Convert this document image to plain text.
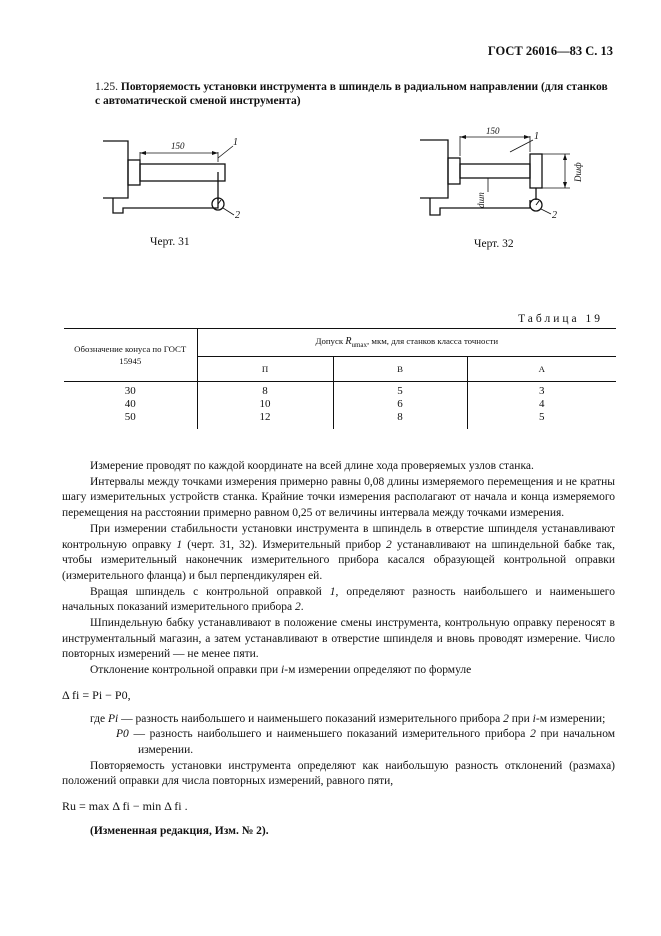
ГОСТ 26016—83 С. 13
1.25. Повторяемость установки инструмента в шпиндель в радиальном направлении (для станков
с автоматической сменой инструмента)
150	1
2
Черт. 31
150	1
2
dшп
Dшф
Черт. 32
Таблица 19
Обозначение конуса по ГОСТ 15945	Допуск $R_{umax}$, мкм, для станков класса точности		
	П	В	А
30	8	5	3
40	10	6	4
50	12	8	5

Измерение проводят по каждой координате на всей длине хода проверяемых узлов станка.

Интервалы между точками измерения примерно равны 0,08 длины измеряемого перемещения и не кратны шагу измерительных устройств станка. Крайние точки измерения располагают от начала и конца измеряемого перемещения на расстоянии примерно равном 0,25 от величины интервала между точками измерения.

При измерении стабильности установки инструмента в шпиндель в отверстие шпинделя устанавливают контрольную оправку 1 (черт. 31, 32). Измерительный прибор 2 устанавливают на шпиндельной бабке так, чтобы измерительный наконечник измерительного прибора касался образующей контрольной оправки (измерительного фланца) и был перпендикулярен ей.

Вращая шпиндель с контрольной оправкой 1, определяют разность наибольшего и наименьшего начальных показаний измерительного прибора 2.

Шпиндельную бабку устанавливают в положение смены инструмента, контрольную оправку переносят в инструментальный магазин, а затем устанавливают в отверстие шпинделя и вновь проводят измерение. Число повторных измерений — не менее пяти.

Отклонение контрольной оправки при i-м измерении определяют по формуле

Δ fi = Pi − P0,

где Pi — разность наибольшего и наименьшего показаний измерительного прибора 2 при i-м измерении;

P0 — разность наибольшего и наименьшего показаний измерительного прибора 2 при начальном измерении.

Повторяемость установки инструмента определяют как наибольшую разность отклонений (размаха) положений оправки для числа повторных измерений, равного пяти,

Ru = max Δ fi − min Δ fi .

(Измененная редакция, Изм. № 2).
